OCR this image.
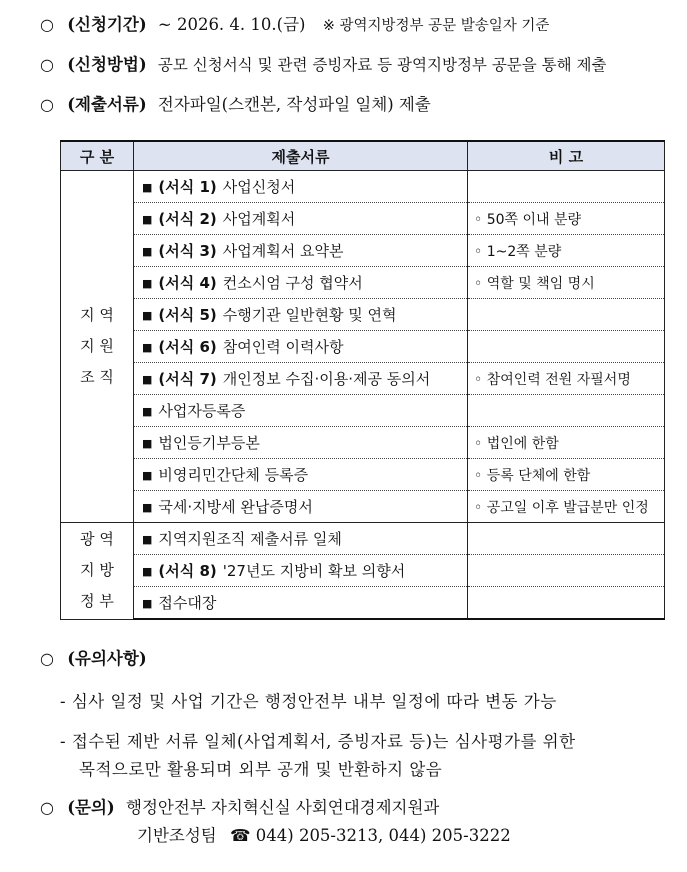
○ (신청기간) ~ 2026. 4. 10.(금) ※ 광역지방정부 공문 발송일자 기준
○ (신청방법) 공모 신청서식 및 관련 증빙자료 등 광역지방정부 공문을 통해 제출
○ (제출서류) 전자파일(스캔본, 작성파일 일체) 제출
구 분	제출서류	비 고

지 역
지 원
조 직	■ (서식 1) 사업신청서	
	■ (서식 2) 사업계획서	◦ 50쪽 이내 분량
	■ (서식 3) 사업계획서 요약본	◦ 1~2쪽 분량
	■ (서식 4) 컨소시엄 구성 협약서	◦ 역할 및 책임 명시
	■ (서식 5) 수행기관 일반현황 및 연혁	
	■ (서식 6) 참여인력 이력사항	
	■ (서식 7) 개인정보 수집·이용·제공 동의서	◦ 참여인력 전원 자필서명
	■ 사업자등록증	
	■ 법인등기부등본	◦ 법인에 한함
	■ 비영리민간단체 등록증	◦ 등록 단체에 한함
	■ 국세·지방세 완납증명서	◦ 공고일 이후 발급분만 인정

광 역
지 방
정 부	■ 지역지원조직 제출서류 일체	
	■ (서식 8) '27년도 지방비 확보 의향서	
	■ 접수대장	
○ (유의사항)
- 심사 일정 및 사업 기간은 행정안전부 내부 일정에 따라 변동 가능
- 접수된 제반 서류 일체(사업계획서, 증빙자료 등)는 심사평가를 위한
목적으로만 활용되며 외부 공개 및 반환하지 않음
○ (문의) 행정안전부 자치혁신실 사회연대경제지원과
기반조성팀 ☎ 044) 205-3213, 044) 205-3222
